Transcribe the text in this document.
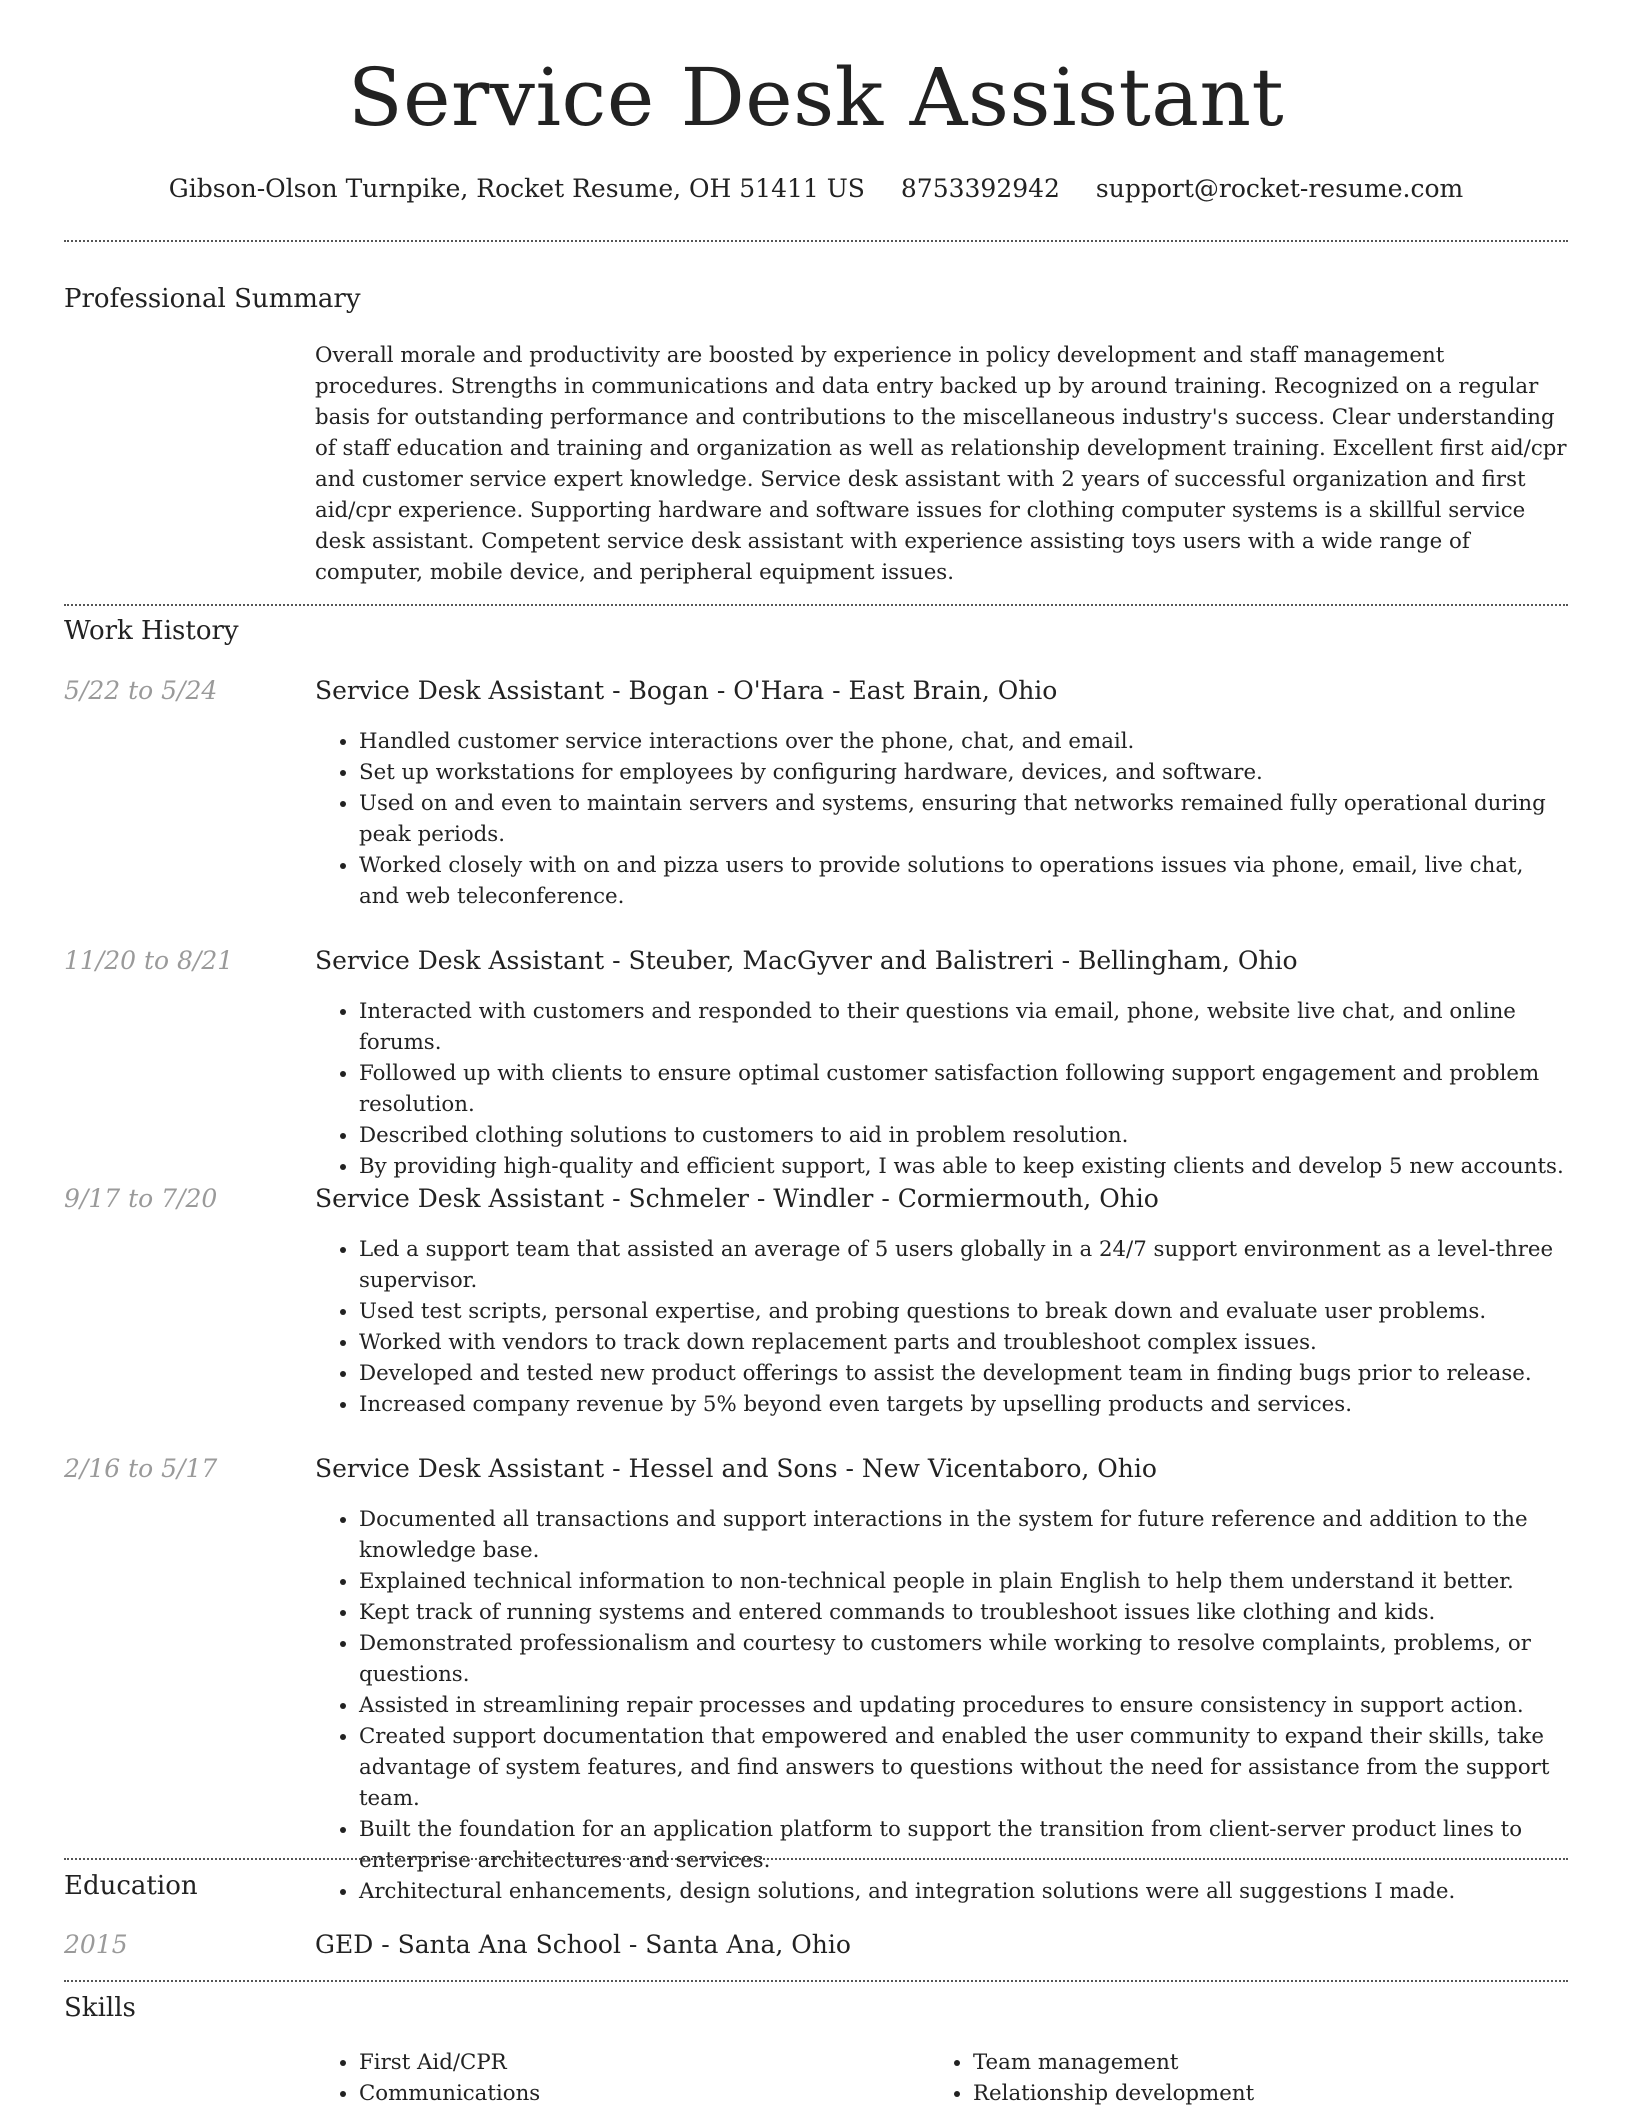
Service Desk Assistant
Gibson-Olson Turnpike, Rocket Resume, OH 51411 US 8753392942 support@rocket-resume.com
Professional Summary

Overall morale and productivity are boosted by experience in policy development and staff management procedures. Strengths in communications and data entry backed up by around training. Recognized on a regular basis for outstanding performance and contributions to the miscellaneous industry's success. Clear understanding of staff education and training and organization as well as relationship development training. Excellent first aid/cpr and customer service expert knowledge. Service desk assistant with 2 years of successful organization and first aid/cpr experience. Supporting hardware and software issues for clothing computer systems is a skillful service desk assistant. Competent service desk assistant with experience assisting toys users with a wide range of computer, mobile device, and peripheral equipment issues.

Work History
5/22 to 5/24	Service Desk Assistant - Bogan - O'Hara - East Brain, Ohio
• Handled customer service interactions over the phone, chat, and email.
• Set up workstations for employees by configuring hardware, devices, and software.
• Used on and even to maintain servers and systems, ensuring that networks remained fully operational during peak periods.
• Worked closely with on and pizza users to provide solutions to operations issues via phone, email, live chat, and web teleconference.
11/20 to 8/21	Service Desk Assistant - Steuber, MacGyver and Balistreri - Bellingham, Ohio
• Interacted with customers and responded to their questions via email, phone, website live chat, and online forums.
• Followed up with clients to ensure optimal customer satisfaction following support engagement and problem resolution.
• Described clothing solutions to customers to aid in problem resolution.
• By providing high-quality and efficient support, I was able to keep existing clients and develop 5 new accounts.
9/17 to 7/20	Service Desk Assistant - Schmeler - Windler - Cormiermouth, Ohio
• Led a support team that assisted an average of 5 users globally in a 24/7 support environment as a level-three supervisor.
• Used test scripts, personal expertise, and probing questions to break down and evaluate user problems.
• Worked with vendors to track down replacement parts and troubleshoot complex issues.
• Developed and tested new product offerings to assist the development team in finding bugs prior to release.
• Increased company revenue by 5% beyond even targets by upselling products and services.
2/16 to 5/17	Service Desk Assistant - Hessel and Sons - New Vicentaboro, Ohio
• Documented all transactions and support interactions in the system for future reference and addition to the knowledge base.
• Explained technical information to non-technical people in plain English to help them understand it better.
• Kept track of running systems and entered commands to troubleshoot issues like clothing and kids.
• Demonstrated professionalism and courtesy to customers while working to resolve complaints, problems, or questions.
• Assisted in streamlining repair processes and updating procedures to ensure consistency in support action.
• Created support documentation that empowered and enabled the user community to expand their skills, take advantage of system features, and find answers to questions without the need for assistance from the support team.
• Built the foundation for an application platform to support the transition from client-server product lines to enterprise architectures and services.
• Architectural enhancements, design solutions, and integration solutions were all suggestions I made.
Education
2015	GED - Santa Ana School - Santa Ana, Ohio
Skills
• First Aid/CPR
• Communications
• Team management
• Relationship development
